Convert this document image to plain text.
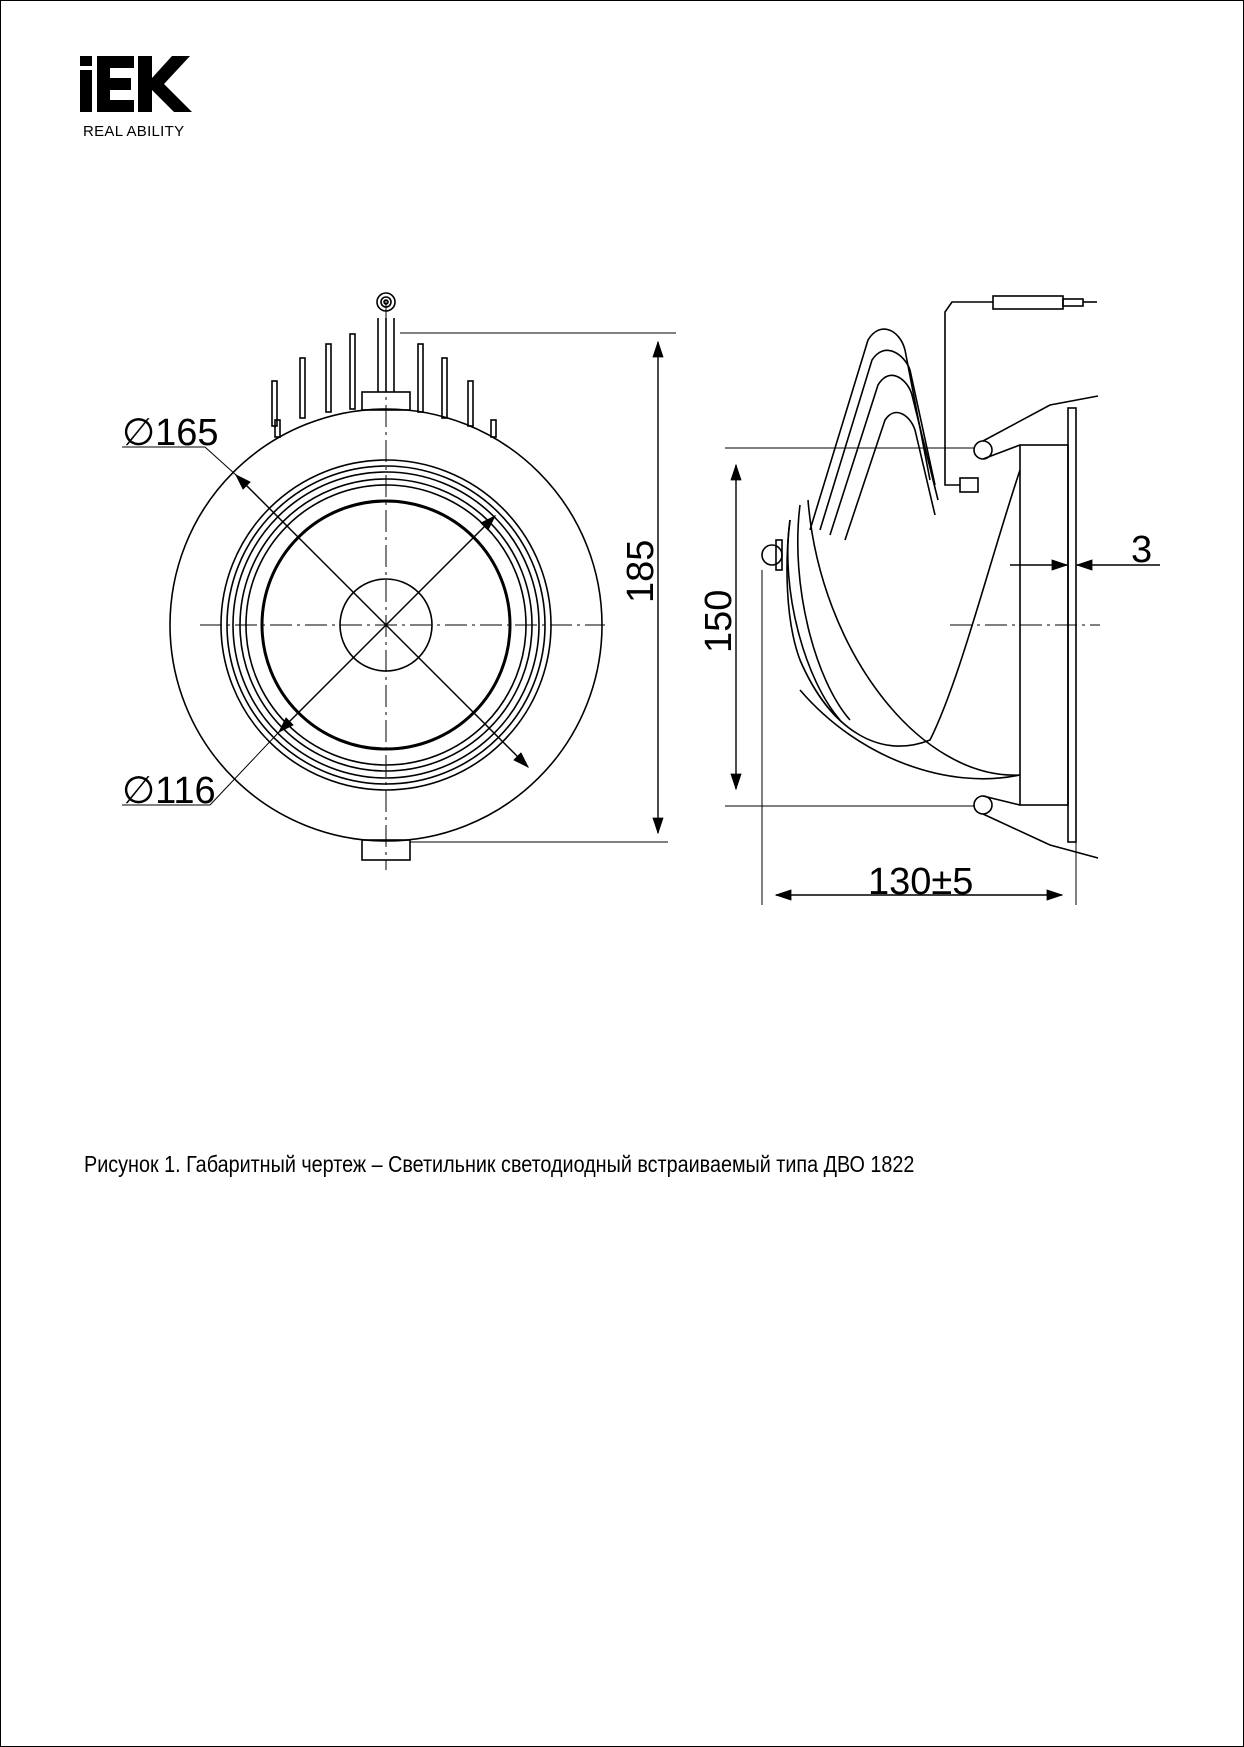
REAL ABILITY
∅165
∅116
185
150
130±5
3
Рисунок 1. Габаритный чертеж – Светильник светодиодный встраиваемый типа ДВО 1822
